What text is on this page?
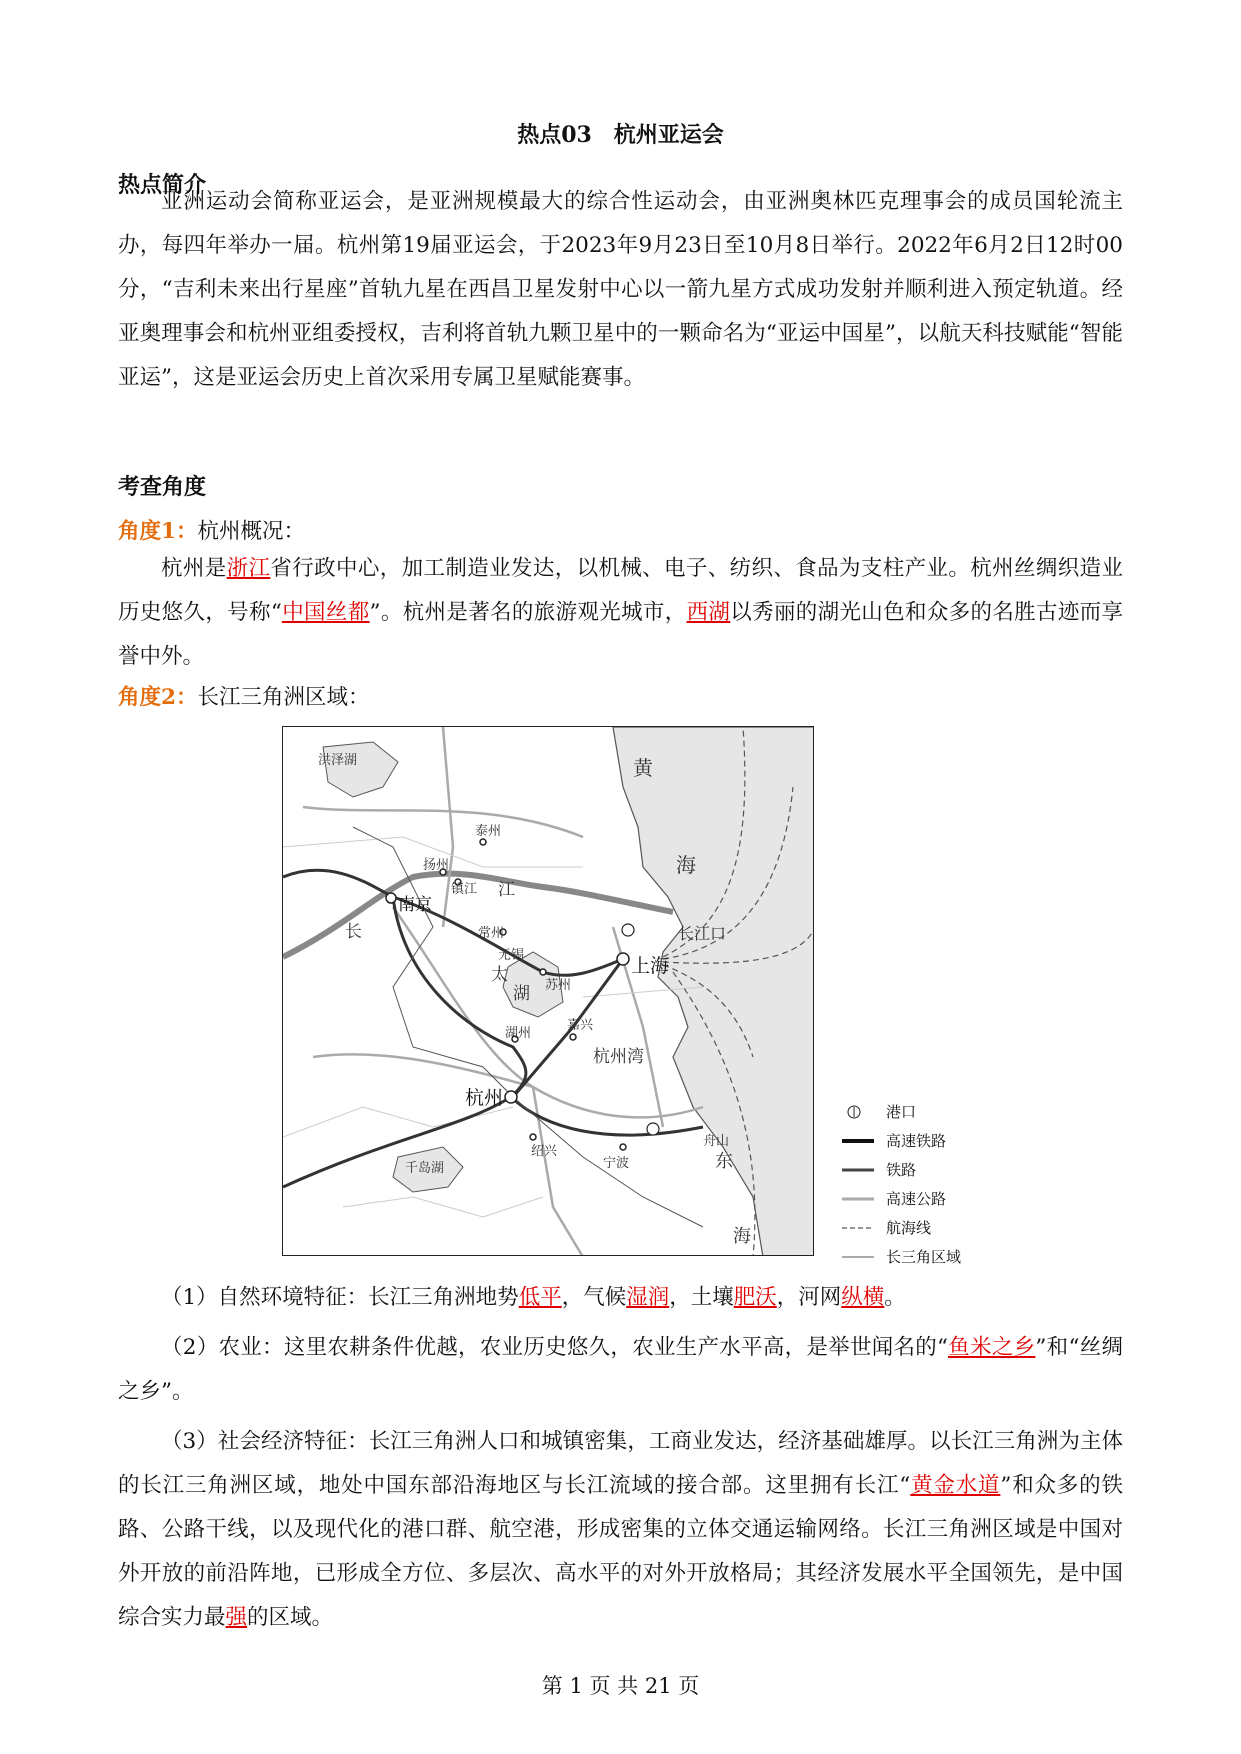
热点03　杭州亚运会
热点简介

亚洲运动会简称亚运会，是亚洲规模最大的综合性运动会，由亚洲奥林匹克理事会的成员国轮流主办，每四年举办一届。杭州第19届亚运会，于2023年9月23日至10月8日举行。2022年6月2日12时00分，“吉利未来出行星座”首轨九星在西昌卫星发射中心以一箭九星方式成功发射并顺利进入预定轨道。经亚奥理事会和杭州亚组委授权，吉利将首轨九颗卫星中的一颗命名为“亚运中国星”，以航天科技赋能“智能亚运”，这是亚运会历史上首次采用专属卫星赋能赛事。

考查角度
角度1：杭州概况：

杭州是浙江省行政中心，加工制造业发达，以机械、电子、纺织、食品为支柱产业。杭州丝绸织造业历史悠久，号称“中国丝都”。杭州是著名的旅游观光城市，西湖以秀丽的湖光山色和众多的名胜古迹而享誉中外。

角度2：长江三角洲区域：
洪泽湖	黄
海
泰州
扬州
镇江 江
南京
长	常州
无锡
太
湖 苏州
上海
长江口
湖州
嘉兴
杭州湾
杭州
绍兴
舟山
宁波	东
千岛湖
海
港口
高速铁路
铁路
高速公路
航海线
长三角区域

（1）自然环境特征：长江三角洲地势低平，气候湿润，土壤肥沃，河网纵横。

（2）农业：这里农耕条件优越，农业历史悠久，农业生产水平高，是举世闻名的“鱼米之乡”和“丝绸之乡”。

（3）社会经济特征：长江三角洲人口和城镇密集，工商业发达，经济基础雄厚。以长江三角洲为主体的长江三角洲区域，地处中国东部沿海地区与长江流域的接合部。这里拥有长江“黄金水道”和众多的铁路、公路干线，以及现代化的港口群、航空港，形成密集的立体交通运输网络。长江三角洲区域是中国对外开放的前沿阵地，已形成全方位、多层次、高水平的对外开放格局；其经济发展水平全国领先，是中国综合实力最强的区域。

第 1 页 共 21 页
